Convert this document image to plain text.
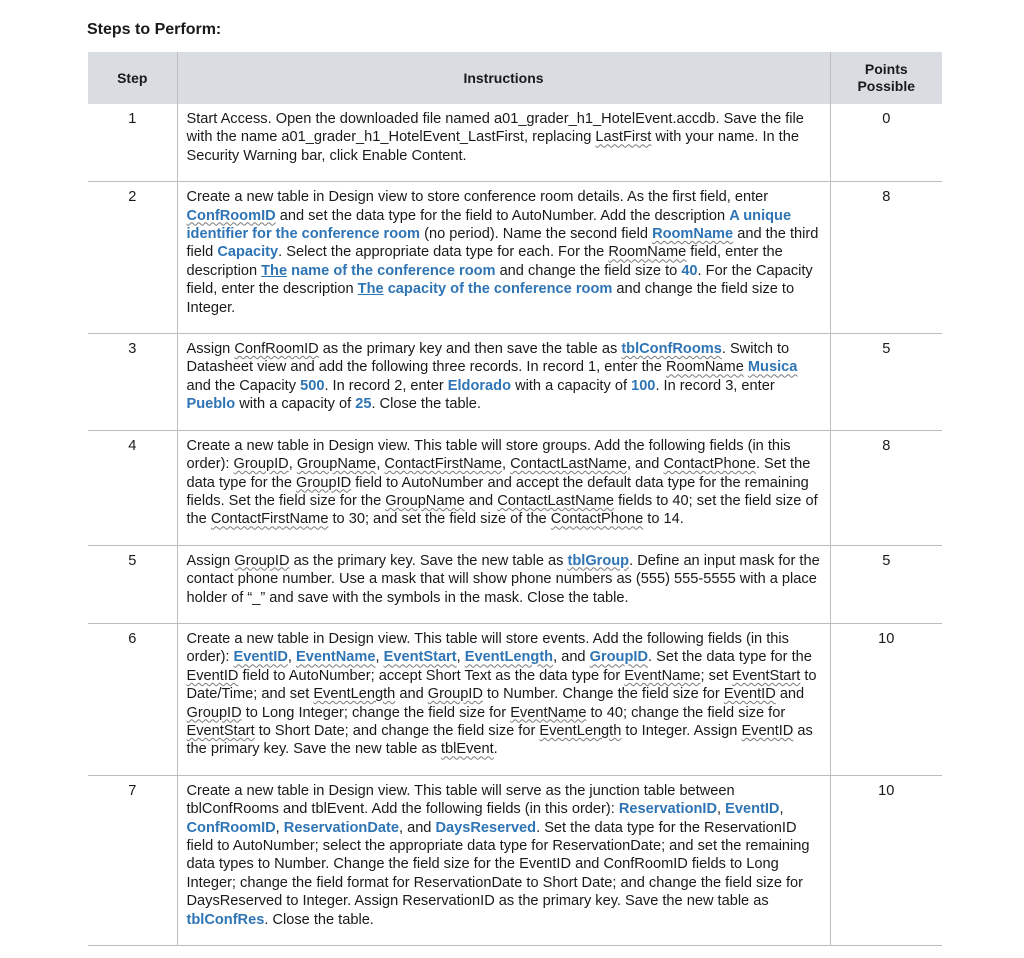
Steps to Perform:
Step	Instructions	Points Possible

1	Start Access. Open the downloaded file named a01_grader_h1_HotelEvent.accdb. Save the file with the name a01_grader_h1_HotelEvent_LastFirst, replacing LastFirst with your name. In the Security Warning bar, click Enable Content.	0
2	Create a new table in Design view to store conference room details. As the first field, enter ConfRoomID and set the data type for the field to AutoNumber. Add the description A unique identifier for the conference room (no period). Name the second field RoomName and the third field Capacity. Select the appropriate data type for each. For the RoomName field, enter the description The name of the conference room and change the field size to 40. For the Capacity field, enter the description The capacity of the conference room and change the field size to Integer.	8
3	Assign ConfRoomID as the primary key and then save the table as tblConfRooms. Switch to Datasheet view and add the following three records. In record 1, enter the RoomName Musica and the Capacity 500. In record 2, enter Eldorado with a capacity of 100. In record 3, enter Pueblo with a capacity of 25. Close the table.	5
4	Create a new table in Design view. This table will store groups. Add the following fields (in this order): GroupID, GroupName, ContactFirstName, ContactLastName, and ContactPhone. Set the data type for the GroupID field to AutoNumber and accept the default data type for the remaining fields. Set the field size for the GroupName and ContactLastName fields to 40; set the field size of the ContactFirstName to 30; and set the field size of the ContactPhone to 14.	8
5	Assign GroupID as the primary key. Save the new table as tblGroup. Define an input mask for the contact phone number. Use a mask that will show phone numbers as (555) 555-5555 with a place holder of “_” and save with the symbols in the mask. Close the table.	5
6	Create a new table in Design view. This table will store events. Add the following fields (in this order): EventID, EventName, EventStart, EventLength, and GroupID. Set the data type for the EventID field to AutoNumber; accept Short Text as the data type for EventName; set EventStart to Date/Time; and set EventLength and GroupID to Number. Change the field size for EventID and GroupID to Long Integer; change the field size for EventName to 40; change the field size for EventStart to Short Date; and change the field size for EventLength to Integer. Assign EventID as the primary key. Save the new table as tblEvent.	10
7	Create a new table in Design view. This table will serve as the junction table between tblConfRooms and tblEvent. Add the following fields (in this order): ReservationID, EventID, ConfRoomID, ReservationDate, and DaysReserved. Set the data type for the ReservationID field to AutoNumber; select the appropriate data type for ReservationDate; and set the remaining data types to Number. Change the field size for the EventID and ConfRoomID fields to Long Integer; change the field format for ReservationDate to Short Date; and change the field size for DaysReserved to Integer. Assign ReservationID as the primary key. Save the new table as tblConfRes. Close the table.	10
